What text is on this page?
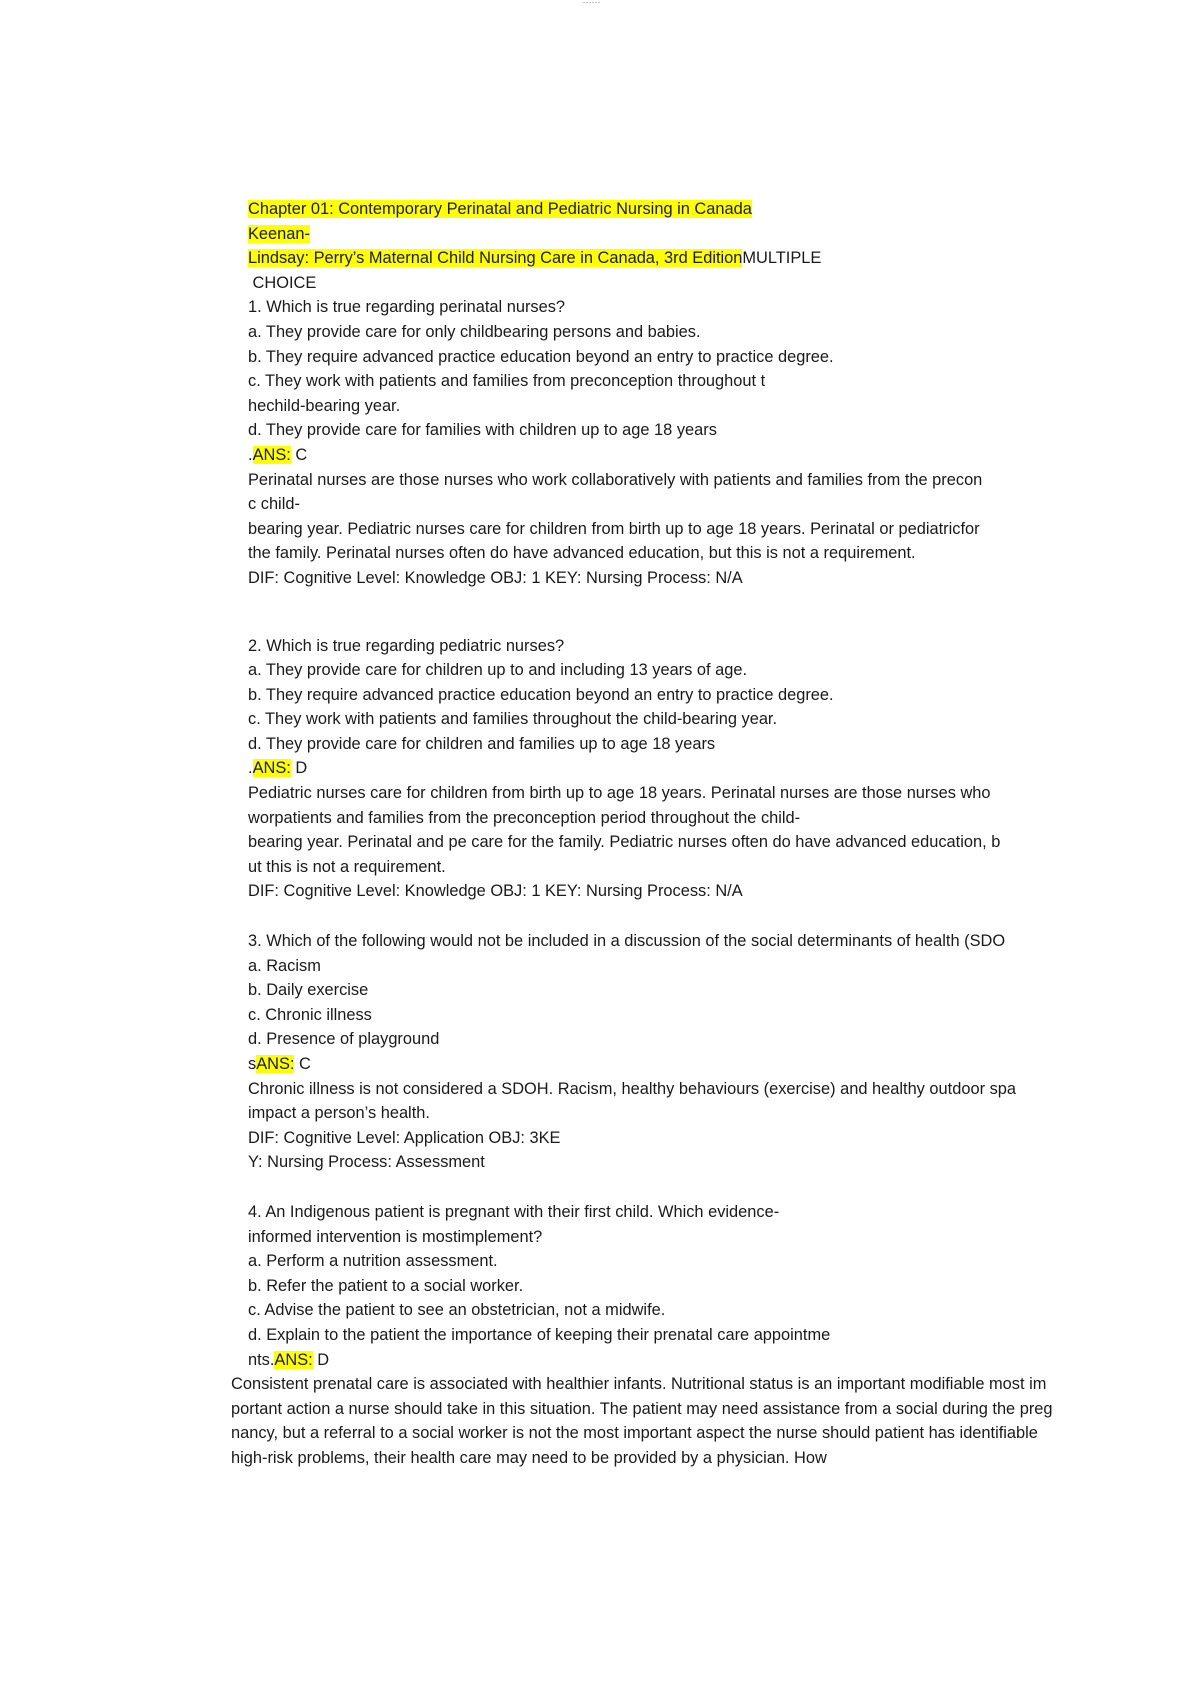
------

Chapter 01: Contemporary Perinatal and Pediatric Nursing in Canada

Keenan-

Lindsay: Perry’s Maternal Child Nursing Care in Canada, 3rd EditionMULTIPLE

CHOICE

1. Which is true regarding perinatal nurses?

a. They provide care for only childbearing persons and babies.

b. They require advanced practice education beyond an entry to practice degree.

c. They work with patients and families from preconception throughout t

hechild-bearing year.

d. They provide care for families with children up to age 18 years

.ANS: C

Perinatal nurses are those nurses who work collaboratively with patients and families from the precon

c child-

bearing year. Pediatric nurses care for children from birth up to age 18 years. Perinatal or pediatricfor

the family. Perinatal nurses often do have advanced education, but this is not a requirement.

DIF: Cognitive Level: Knowledge OBJ: 1 KEY: Nursing Process: N/A

2. Which is true regarding pediatric nurses?

a. They provide care for children up to and including 13 years of age.

b. They require advanced practice education beyond an entry to practice degree.

c. They work with patients and families throughout the child-bearing year.

d. They provide care for children and families up to age 18 years

.ANS: D

Pediatric nurses care for children from birth up to age 18 years. Perinatal nurses are those nurses who

worpatients and families from the preconception period throughout the child-

bearing year. Perinatal and pe care for the family. Pediatric nurses often do have advanced education, b

ut this is not a requirement.

DIF: Cognitive Level: Knowledge OBJ: 1 KEY: Nursing Process: N/A

3. Which of the following would not be included in a discussion of the social determinants of health (SDO

a. Racism

b. Daily exercise

c. Chronic illness

d. Presence of playground

sANS: C

Chronic illness is not considered a SDOH. Racism, healthy behaviours (exercise) and healthy outdoor spa

impact a person’s health.

DIF: Cognitive Level: Application OBJ: 3KE

Y: Nursing Process: Assessment

4. An Indigenous patient is pregnant with their first child. Which evidence-

informed intervention is mostimplement?

a. Perform a nutrition assessment.

b. Refer the patient to a social worker.

c. Advise the patient to see an obstetrician, not a midwife.

d. Explain to the patient the importance of keeping their prenatal care appointme

nts.ANS: D

Consistent prenatal care is associated with healthier infants. Nutritional status is an important modifiable most im

portant action a nurse should take in this situation. The patient may need assistance from a social during the preg

nancy, but a referral to a social worker is not the most important aspect the nurse should patient has identifiable

high-risk problems, their health care may need to be provided by a physician. How
